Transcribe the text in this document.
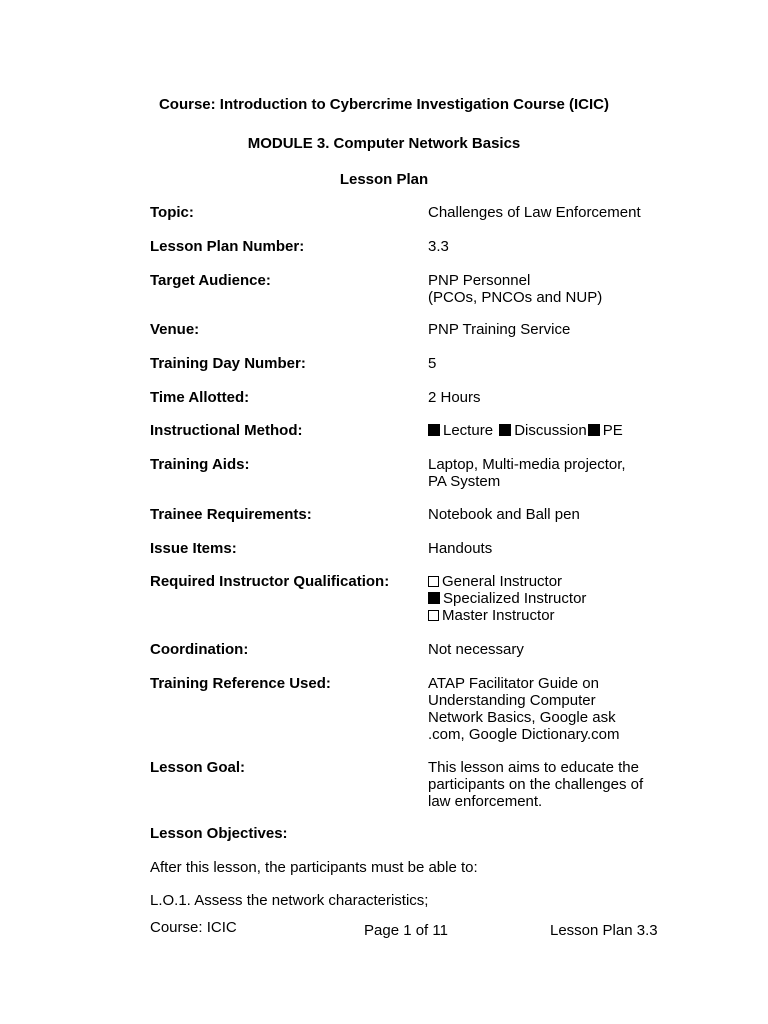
Course: Introduction to Cybercrime Investigation Course (ICIC)
MODULE 3. Computer Network Basics
Lesson Plan
Topic:	Challenges of Law Enforcement
Lesson Plan Number:	3.3
Target Audience:	PNP Personnel
(PCOs, PNCOs and NUP)
Venue:	PNP Training Service
Training Day Number:	5
Time Allotted:	2 Hours
Instructional Method:	Lecture Discussion PE
Training Aids:	Laptop, Multi-media projector,
PA System
Trainee Requirements:	Notebook and Ball pen
Issue Items:	Handouts
Required Instructor Qualification:	General Instructor
Specialized Instructor
Master Instructor
Coordination:	Not necessary
Training Reference Used:	ATAP Facilitator Guide on
Understanding Computer
Network Basics, Google ask
.com, Google Dictionary.com
Lesson Goal:	This lesson aims to educate the
participants on the challenges of
law enforcement.
Lesson Objectives:
After this lesson, the participants must be able to:
L.O.1. Assess the network characteristics;
Course: ICIC	Page 1 of 11	Lesson Plan 3.3
